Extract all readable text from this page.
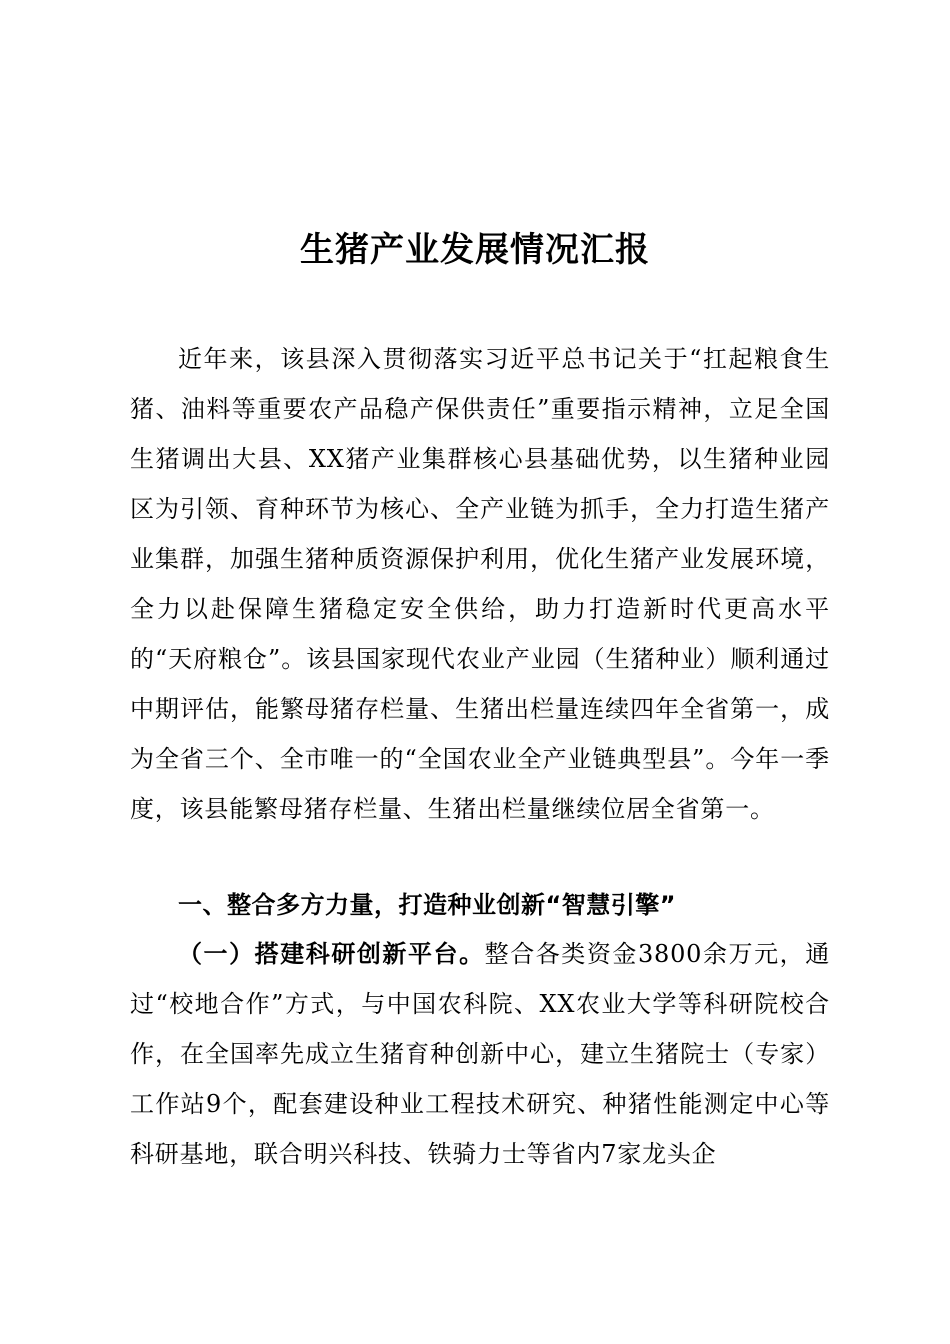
生猪产业发展情况汇报

近年来，该县深入贯彻落实习近平总书记关于“扛起粮食生猪、油料等重要农产品稳产保供责任”重要指示精神，立足全国生猪调出大县、XX猪产业集群核心县基础优势，以生猪种业园区为引领、育种环节为核心、全产业链为抓手，全力打造生猪产业集群，加强生猪种质资源保护利用，优化生猪产业发展环境，全力以赴保障生猪稳定安全供给，助力打造新时代更高水平的“天府粮仓”。该县国家现代农业产业园（生猪种业）顺利通过中期评估，能繁母猪存栏量、生猪出栏量连续四年全省第一，成为全省三个、全市唯一的“全国农业全产业链典型县”。今年一季度，该县能繁母猪存栏量、生猪出栏量继续位居全省第一。

一、整合多方力量，打造种业创新“智慧引擎”

（一）搭建科研创新平台。整合各类资金3800余万元，通过“校地合作”方式，与中国农科院、XX农业大学等科研院校合作，在全国率先成立生猪育种创新中心，建立生猪院士（专家）工作站9个，配套建设种业工程技术研究、种猪性能测定中心等科研基地，联合明兴科技、铁骑力士等省内7家龙头企
